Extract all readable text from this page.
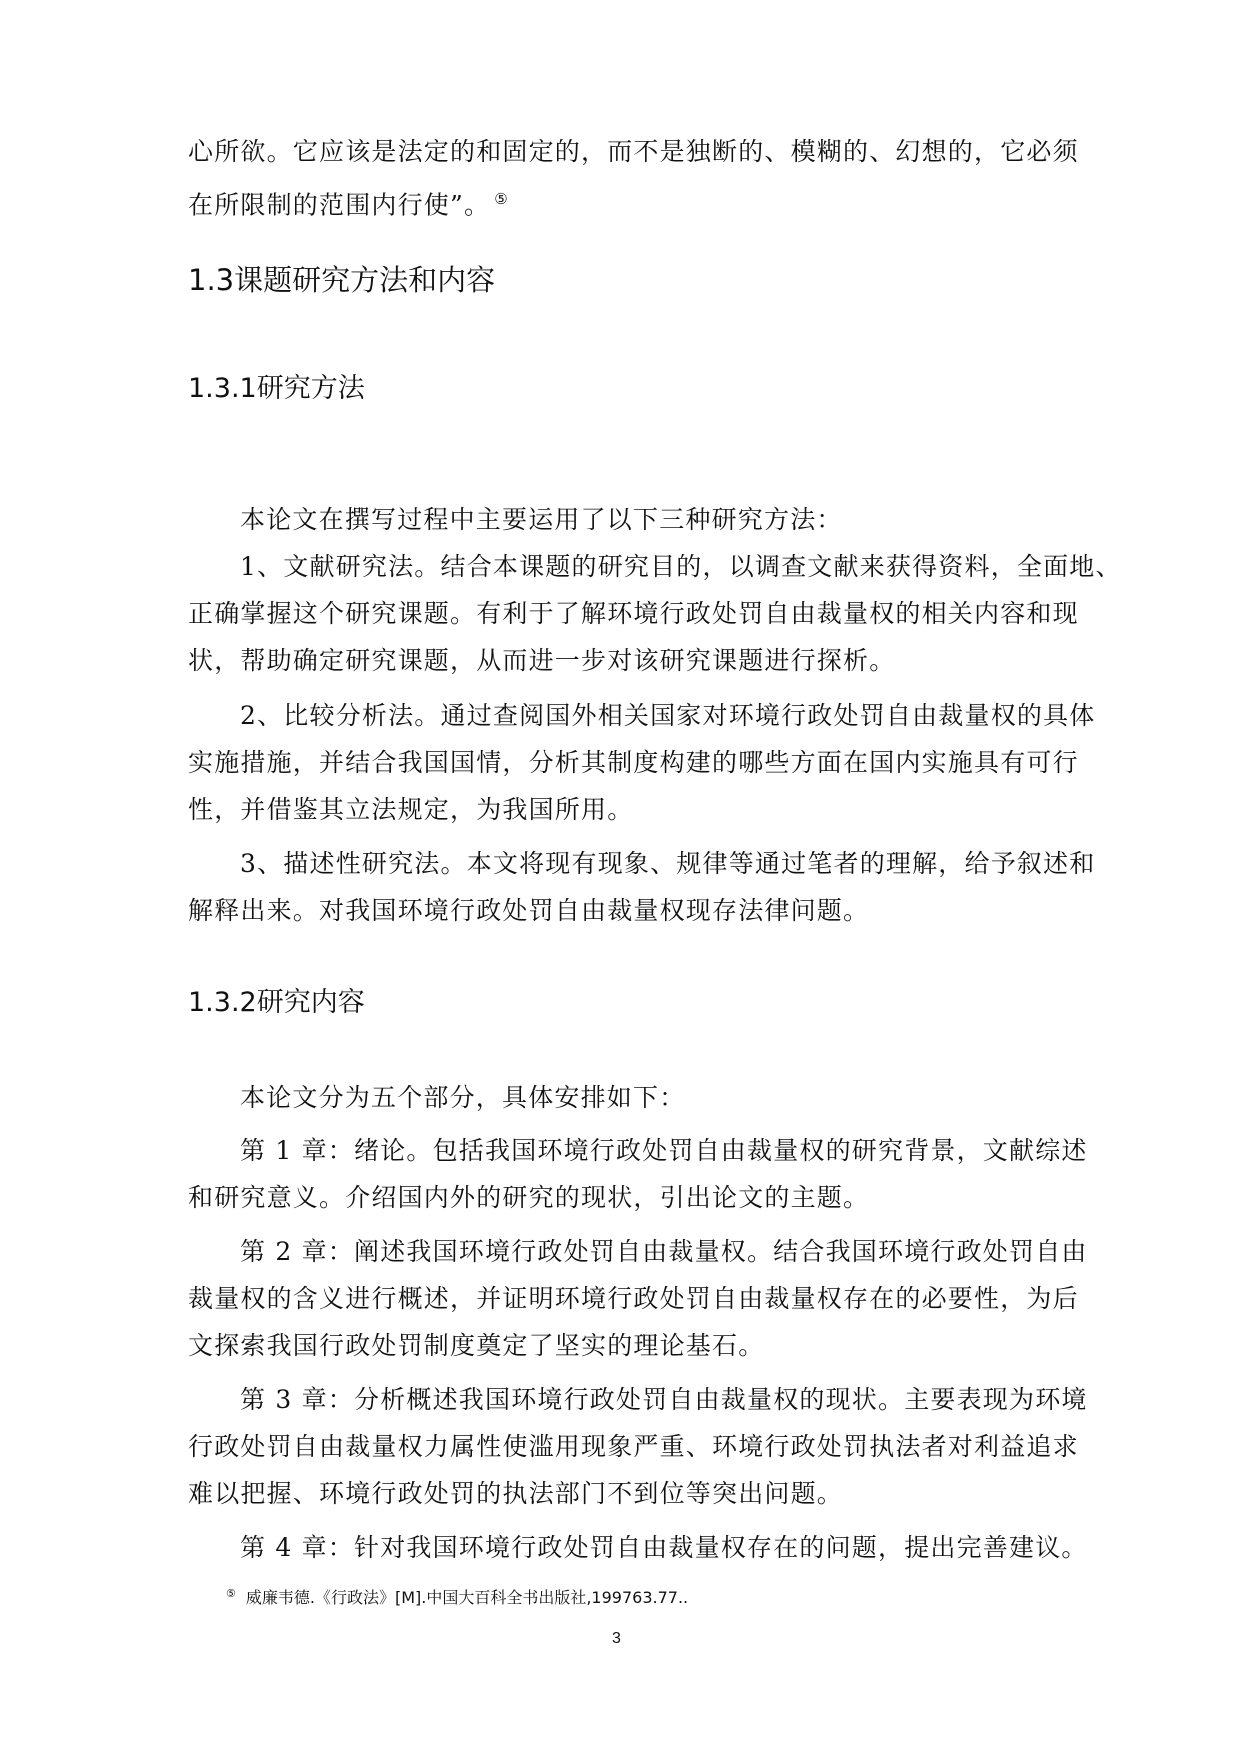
心所欲。它应该是法定的和固定的，而不是独断的、模糊的、幻想的，它必须
在所限制的范围内行使”。 ⑤
1.3课题研究方法和内容
1.3.1研究方法
本论文在撰写过程中主要运用了以下三种研究方法：
1、文献研究法。结合本课题的研究目的，以调查文献来获得资料，全面地、
正确掌握这个研究课题。有利于了解环境行政处罚自由裁量权的相关内容和现
状，帮助确定研究课题，从而进一步对该研究课题进行探析。
2、比较分析法。通过查阅国外相关国家对环境行政处罚自由裁量权的具体
实施措施，并结合我国国情，分析其制度构建的哪些方面在国内实施具有可行
性，并借鉴其立法规定，为我国所用。
3、描述性研究法。本文将现有现象、规律等通过笔者的理解，给予叙述和
解释出来。对我国环境行政处罚自由裁量权现存法律问题。
1.3.2研究内容
本论文分为五个部分，具体安排如下：
第 1 章：绪论。包括我国环境行政处罚自由裁量权的研究背景，文献综述
和研究意义。介绍国内外的研究的现状，引出论文的主题。
第 2 章：阐述我国环境行政处罚自由裁量权。结合我国环境行政处罚自由
裁量权的含义进行概述，并证明环境行政处罚自由裁量权存在的必要性，为后
文探索我国行政处罚制度奠定了坚实的理论基石。
第 3 章：分析概述我国环境行政处罚自由裁量权的现状。主要表现为环境
行政处罚自由裁量权力属性使滥用现象严重、环境行政处罚执法者对利益追求
难以把握、环境行政处罚的执法部门不到位等突出问题。
第 4 章：针对我国环境行政处罚自由裁量权存在的问题，提出完善建议。
⑤ 威廉韦德.《行政法》[M].中国大百科全书出版社,199763.77..
3
